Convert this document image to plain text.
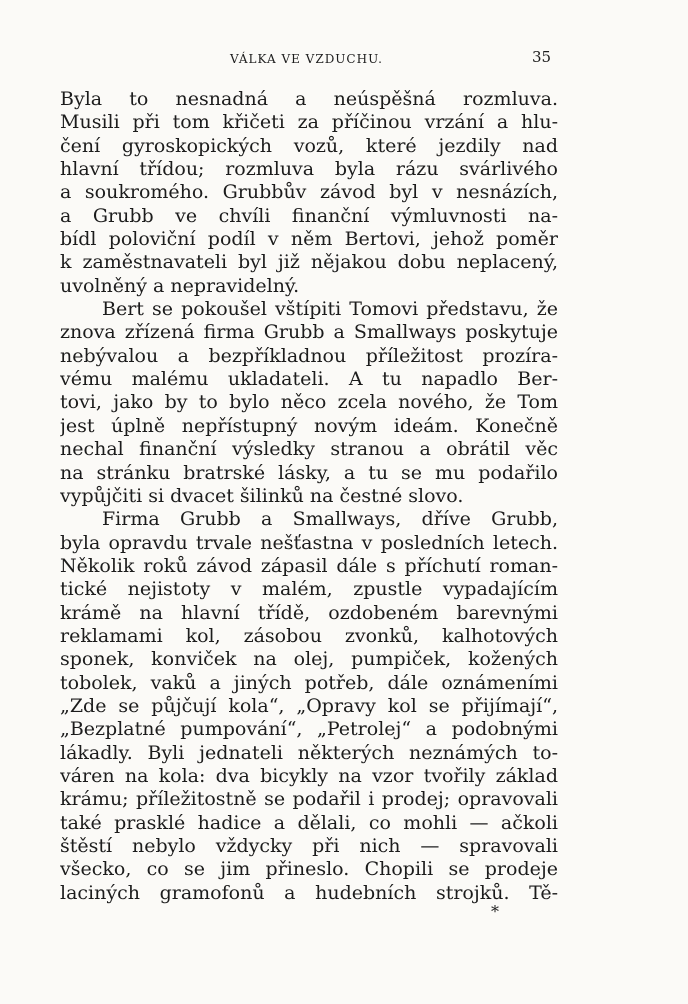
VÁLKA VE VZDUCHU.	35
Byla to nesnadná a neúspěšná rozmluva.
Musili při tom křičeti za příčinou vrzání a hlu-
čení gyroskopických vozů, které jezdily nad
hlavní třídou; rozmluva byla rázu svárlivého
a soukromého. Grubbův závod byl v nesnázích,
a Grubb ve chvíli finanční výmluvnosti na-
bídl poloviční podíl v něm Bertovi, jehož poměr
k zaměstnavateli byl již nějakou dobu neplacený,
uvolněný a nepravidelný.
Bert se pokoušel vštípiti Tomovi představu, že
znova zřízená firma Grubb a Smallways poskytuje
nebývalou a bezpříkladnou příležitost prozíra-
vému malému ukladateli. A tu napadlo Ber-
tovi, jako by to bylo něco zcela nového, že Tom
jest úplně nepřístupný novým ideám. Konečně
nechal finanční výsledky stranou a obrátil věc
na stránku bratrské lásky, a tu se mu podařilo
vypůjčiti si dvacet šilinků na čestné slovo.
Firma Grubb a Smallways, dříve Grubb,
byla opravdu trvale nešťastna v posledních letech.
Několik roků závod zápasil dále s příchutí roman-
tické nejistoty v malém, zpustle vypadajícím
krámě na hlavní třídě, ozdobeném barevnými
reklamami kol, zásobou zvonků, kalhotových
sponek, konviček na olej, pumpiček, kožených
tobolek, vaků a jiných potřeb, dále oznámeními
„Zde se půjčují kola“, „Opravy kol se přijímají“,
„Bezplatné pumpování“, „Petrolej“ a podobnými
lákadly. Byli jednateli některých neznámých to-
váren na kola: dva bicykly na vzor tvořily základ
krámu; příležitostně se podařil i prodej; opravovali
také prasklé hadice a dělali, co mohli — ačkoli
štěstí nebylo vždycky při nich — spravovali
všecko, co se jim přineslo. Chopili se prodeje
laciných gramofonů a hudebních strojků. Tě-
*
